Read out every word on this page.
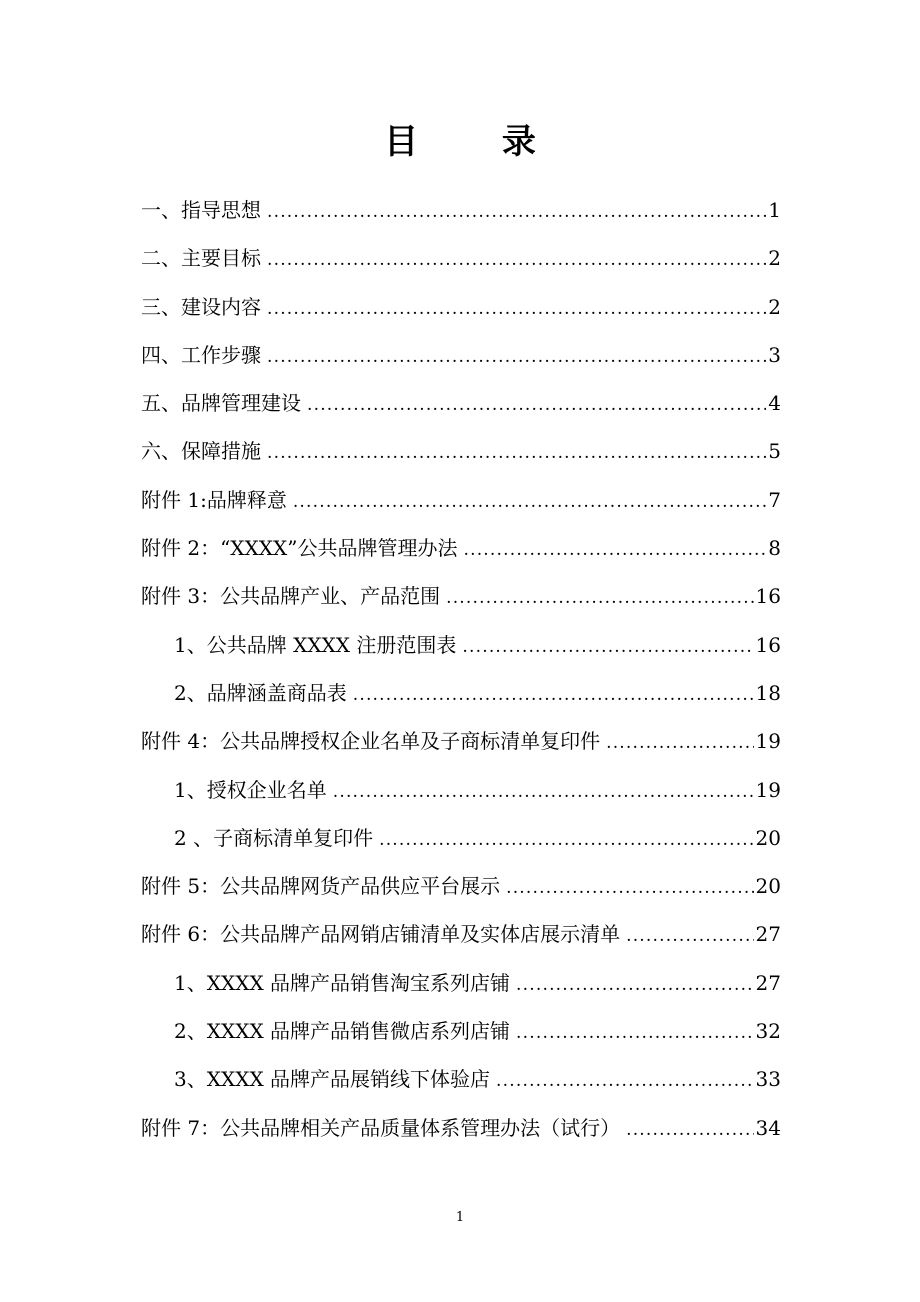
目 录
一、指导思想 .....	1
二、主要目标 .....	2
三、建设内容 .....	2
四、工作步骤 .....	3
五、品牌管理建设 .....	4
六、保障措施 .....	5
附件 1:品牌释意 .....	7
附件 2：“XXXX”公共品牌管理办法 .....	8
附件 3：公共品牌产业、产品范围 .....	16
1、公共品牌 XXXX 注册范围表 .....	16
2、品牌涵盖商品表 .....	18
附件 4：公共品牌授权企业名单及子商标清单复印件 .....	19
1、授权企业名单 .....	19
2 、子商标清单复印件 .....	20
附件 5：公共品牌网货产品供应平台展示 .....	20
附件 6：公共品牌产品网销店铺清单及实体店展示清单 .....	27
1、XXXX 品牌产品销售淘宝系列店铺 .....	27
2、XXXX 品牌产品销售微店系列店铺 .....	32
3、XXXX 品牌产品展销线下体验店 .....	33
附件 7：公共品牌相关产品质量体系管理办法（试行） .....	34
1
